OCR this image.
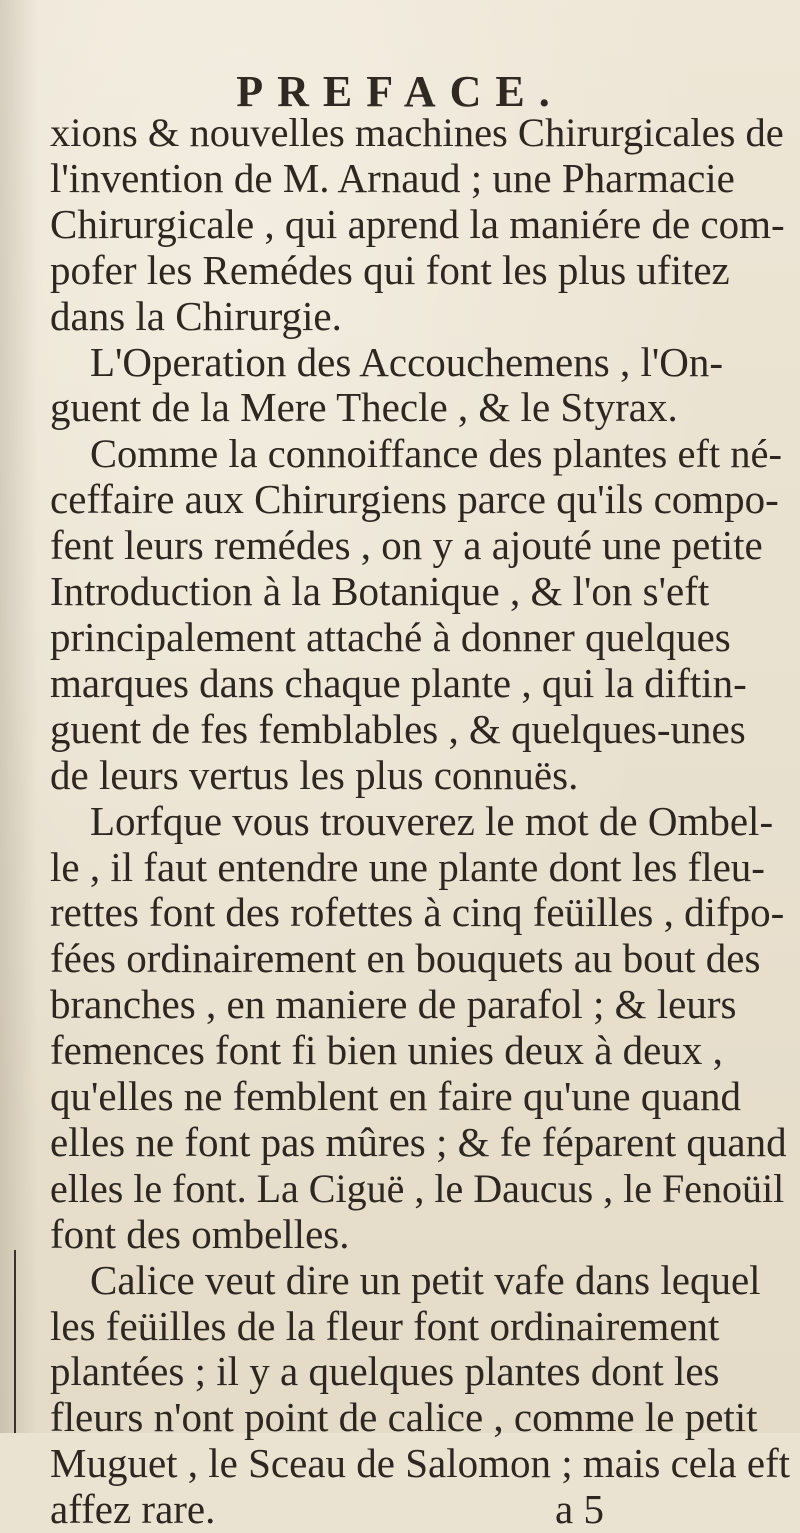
PREFACE.
xions & nouvelles machines Chirurgicales de
l'invention de M. Arnaud ; une Pharmacie
Chirurgicale , qui aprend la maniére de com-
pofer les Remédes qui font les plus ufitez
dans la Chirurgie.
L'Operation des Accouchemens , l'On-
guent de la Mere Thecle , & le Styrax.
Comme la connoiffance des plantes eft né-
ceffaire aux Chirurgiens parce qu'ils compo-
fent leurs remédes , on y a ajouté une petite
Introduction à la Botanique , & l'on s'eft
principalement attaché à donner quelques
marques dans chaque plante , qui la diftin-
guent de fes femblables , & quelques-unes
de leurs vertus les plus connuës.
Lorfque vous trouverez le mot de Ombel-
le , il faut entendre une plante dont les fleu-
rettes font des rofettes à cinq feüilles , difpo-
fées ordinairement en bouquets au bout des
branches , en maniere de parafol ; & leurs
femences font fi bien unies deux à deux ,
qu'elles ne femblent en faire qu'une quand
elles ne font pas mûres ; & fe féparent quand
elles le font. La Ciguë , le Daucus , le Fenoüil
font des ombelles.
Calice veut dire un petit vafe dans lequel
les feüilles de la fleur font ordinairement
plantées ; il y a quelques plantes dont les
fleurs n'ont point de calice , comme le petit
Muguet , le Sceau de Salomon ; mais cela eft
affez rare.	a 5
